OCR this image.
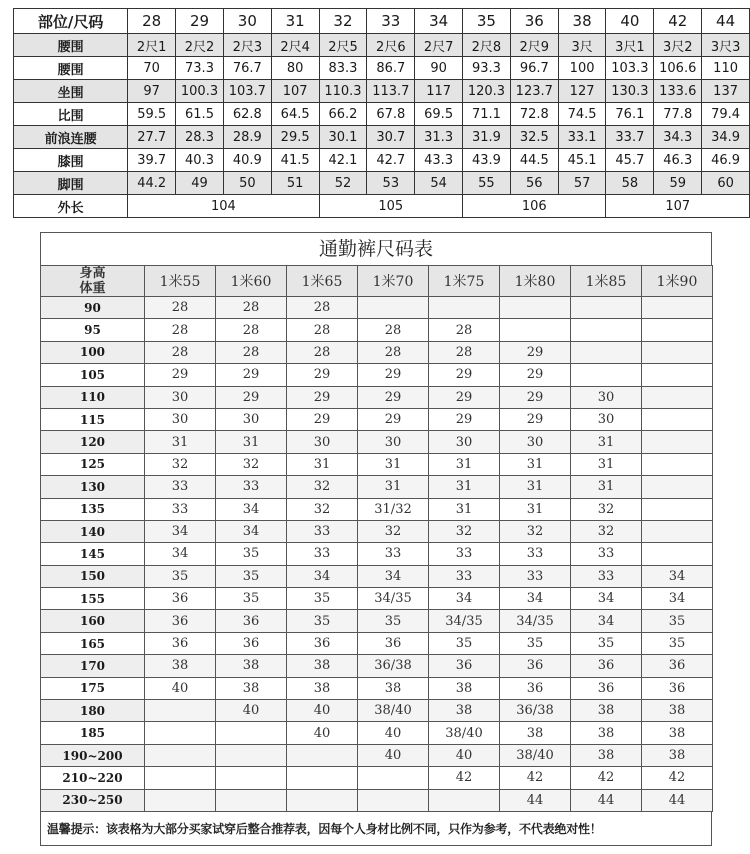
部位/尺码	28	29	30	31	32	33	34	35	36	38	40	42	44
腰围	2尺1	2尺2	2尺3	2尺4	2尺5	2尺6	2尺7	2尺8	2尺9	3尺	3尺1	3尺2	3尺3
腰围	70	73.3	76.7	80	83.3	86.7	90	93.3	96.7	100	103.3	106.6	110
坐围	97	100.3	103.7	107	110.3	113.7	117	120.3	123.7	127	130.3	133.6	137
比围	59.5	61.5	62.8	64.5	66.2	67.8	69.5	71.1	72.8	74.5	76.1	77.8	79.4
前浪连腰	27.7	28.3	28.9	29.5	30.1	30.7	31.3	31.9	32.5	33.1	33.7	34.3	34.9
膝围	39.7	40.3	40.9	41.5	42.1	42.7	43.3	43.9	44.5	45.1	45.7	46.3	46.9
脚围	44.2	49	50	51	52	53	54	55	56	57	58	59	60
外长	104				105			106			107		
通勤裤尺码表
身高
体重	1米55	1米60	1米65	1米70	1米75	1米80	1米85	1米90
90	28	28	28					
95	28	28	28	28	28			
100	28	28	28	28	28	29		
105	29	29	29	29	29	29		
110	30	29	29	29	29	29	30	
115	30	30	29	29	29	29	30	
120	31	31	30	30	30	30	31	
125	32	32	31	31	31	31	31	
130	33	33	32	31	31	31	31	
135	33	34	32	31/32	31	31	32	
140	34	34	33	32	32	32	32	
145	34	35	33	33	33	33	33	
150	35	35	34	34	33	33	33	34
155	36	35	35	34/35	34	34	34	34
160	36	36	35	35	34/35	34/35	34	35
165	36	36	36	36	35	35	35	35
170	38	38	38	36/38	36	36	36	36
175	40	38	38	38	38	36	36	36
180		40	40	38/40	38	36/38	38	38
185			40	40	38/40	38	38	38
190~200				40	40	38/40	38	38
210~220					42	42	42	42
230~250						44	44	44
温馨提示：该表格为大部分买家试穿后整合推荐表，因每个人身材比例不同，只作为参考，不代表绝对性！
